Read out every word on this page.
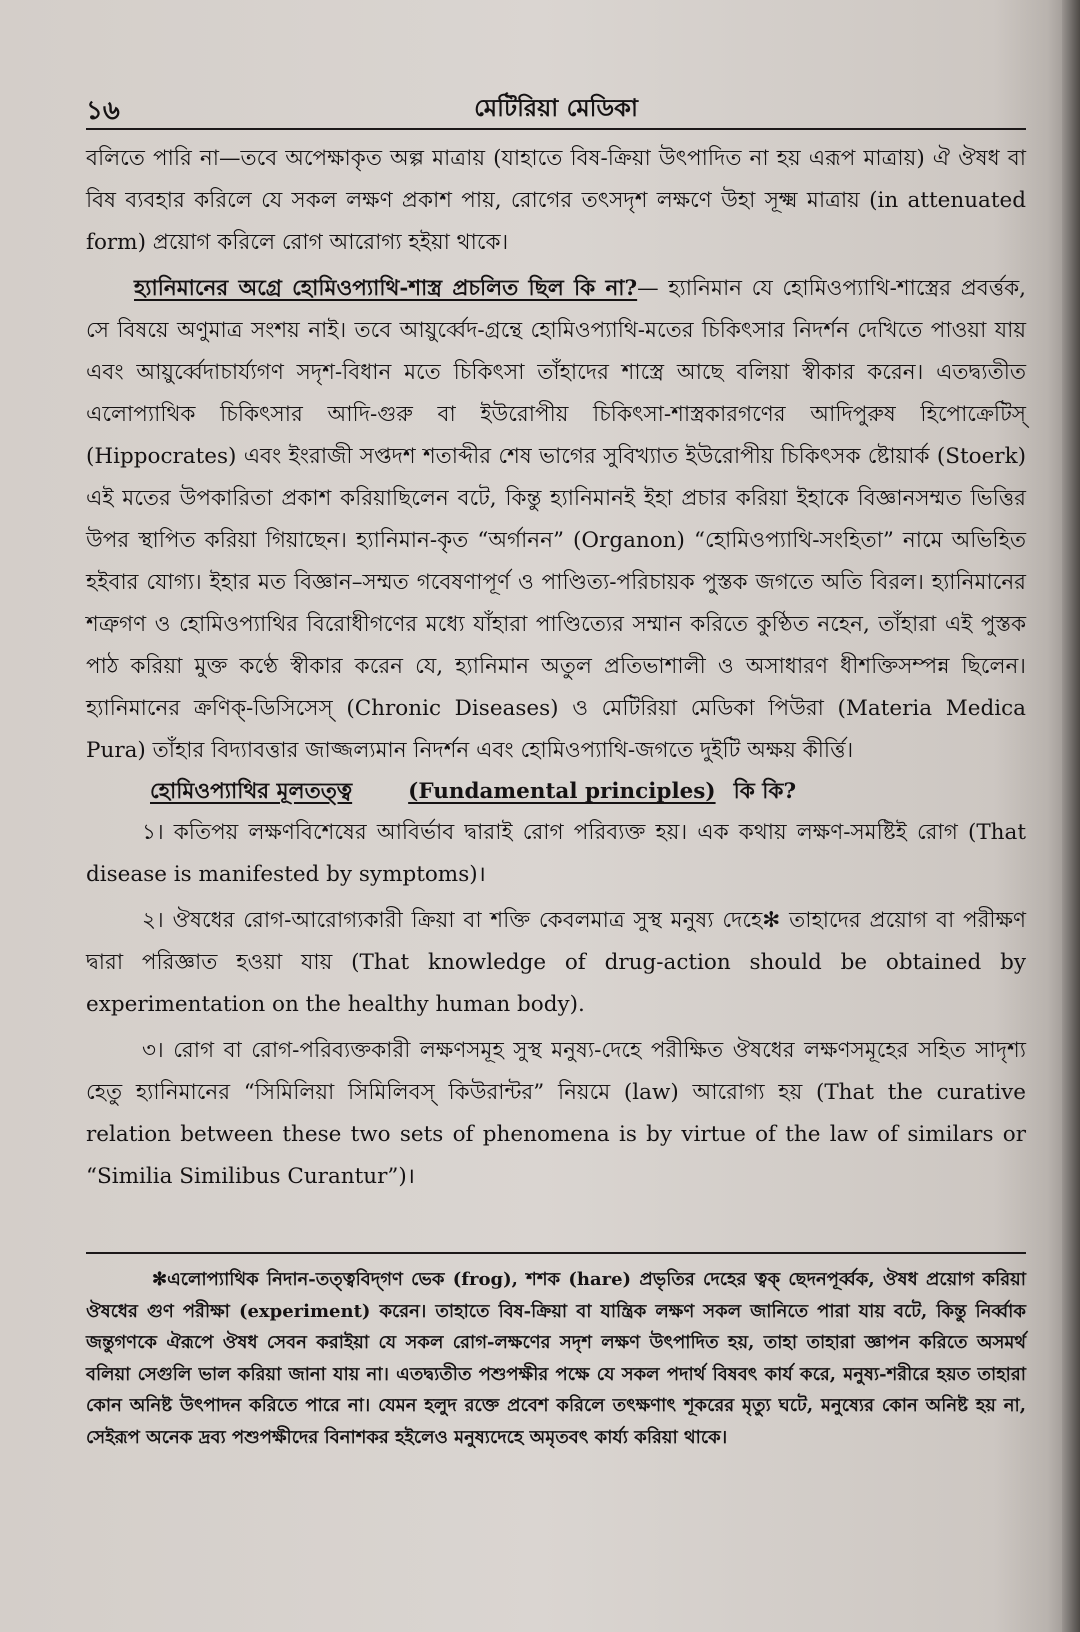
১৬	মেটিরিয়া মেডিকা

বলিতে পারি না—তবে অপেক্ষাকৃত অল্প মাত্রায় (যাহাতে বিষ-ক্রিয়া উৎপাদিত না হয় এরূপ মাত্রায়) ঐ ঔষধ বা বিষ ব্যবহার করিলে যে সকল লক্ষণ প্রকাশ পায়, রোগের তৎসদৃশ লক্ষণে উহা সূক্ষ্ম মাত্রায় (in attenuated form) প্রয়োগ করিলে রোগ আরোগ্য হইয়া থাকে।

হ্যানিমানের অগ্রে হোমিওপ্যাথি-শাস্ত্র প্রচলিত ছিল কি না?— হ্যানিমান যে হোমিওপ্যাথি-শাস্ত্রের প্রবর্ত্তক, সে বিষয়ে অণুমাত্র সংশয় নাই। তবে আয়ুর্ব্বেদ-গ্রন্থে হোমিওপ্যাথি-মতের চিকিৎসার নিদর্শন দেখিতে পাওয়া যায় এবং আয়ুর্ব্বেদাচার্য্যগণ সদৃশ-বিধান মতে চিকিৎসা তাঁহাদের শাস্ত্রে আছে বলিয়া স্বীকার করেন। এতদ্ব্যতীত এলোপ্যাথিক চিকিৎসার আদি-গুরু বা ইউরোপীয় চিকিৎসা-শাস্ত্রকারগণের আদিপুরুষ হিপোক্রেটিস্ (Hippocrates) এবং ইংরাজী সপ্তদশ শতাব্দীর শেষ ভাগের সুবিখ্যাত ইউরোপীয় চিকিৎসক ষ্টোয়ার্ক (Stoerk) এই মতের উপকারিতা প্রকাশ করিয়াছিলেন বটে, কিন্তু হ্যানিমানই ইহা প্রচার করিয়া ইহাকে বিজ্ঞানসম্মত ভিত্তির উপর স্থাপিত করিয়া গিয়াছেন। হ্যানিমান-কৃত “অর্গানন” (Organon) “হোমিওপ্যাথি-সংহিতা” নামে অভিহিত হইবার যোগ্য। ইহার মত বিজ্ঞান–সম্মত গবেষণাপূর্ণ ও পাণ্ডিত্য-পরিচায়ক পুস্তক জগতে অতি বিরল। হ্যানিমানের শত্রুগণ ও হোমিওপ্যাথির বিরোধীগণের মধ্যে যাঁহারা পাণ্ডিত্যের সম্মান করিতে কুণ্ঠিত নহেন, তাঁহারা এই পুস্তক পাঠ করিয়া মুক্ত কণ্ঠে স্বীকার করেন যে, হ্যানিমান অতুল প্রতিভাশালী ও অসাধারণ ধীশক্তিসম্পন্ন ছিলেন। হ্যানিমানের ক্রণিক্-ডিসিসেস্ (Chronic Diseases) ও মেটিরিয়া মেডিকা পিউরা (Materia Medica Pura) তাঁহার বিদ্যাবত্তার জাজ্জল্যমান নিদর্শন এবং হোমিওপ্যাথি-জগতে দুইটি অক্ষয় কীর্ত্তি।

হোমিওপ্যাথির মূলতত্ত্ব	(Fundamental principles) কি কি?

১। কতিপয় লক্ষণবিশেষের আবির্ভাব দ্বারাই রোগ পরিব্যক্ত হয়। এক কথায় লক্ষণ-সমষ্টিই রোগ (That disease is manifested by symptoms)।

২। ঔষধের রোগ-আরোগ্যকারী ক্রিয়া বা শক্তি কেবলমাত্র সুস্থ মনুষ্য দেহে✻ তাহাদের প্রয়োগ বা পরীক্ষণ দ্বারা পরিজ্ঞাত হওয়া যায় (That knowledge of drug-action should be obtained by experimentation on the healthy human body).

৩। রোগ বা রোগ-পরিব্যক্তকারী লক্ষণসমূহ সুস্থ মনুষ্য-দেহে পরীক্ষিত ঔষধের লক্ষণসমূহের সহিত সাদৃশ্য হেতু হ্যানিমানের “সিমিলিয়া সিমিলিবস্ কিউরান্টর” নিয়মে (law) আরোগ্য হয় (That the curative relation between these two sets of phenomena is by virtue of the law of similars or “Similia Similibus Curantur”)।

✻এলোপ্যাথিক নিদান-তত্ত্ববিদ্‌গণ ভেক (frog), শশক (hare) প্রভৃতির দেহের ত্বক্ ছেদনপূর্ব্বক, ঔষধ প্রয়োগ করিয়া ঔষধের গুণ পরীক্ষা (experiment) করেন। তাহাতে বিষ-ক্রিয়া বা যান্ত্রিক লক্ষণ সকল জানিতে পারা যায় বটে, কিন্তু নির্ব্বাক জন্তুগণকে ঐরূপে ঔষধ সেবন করাইয়া যে সকল রোগ-লক্ষণের সদৃশ লক্ষণ উৎপাদিত হয়, তাহা তাহারা জ্ঞাপন করিতে অসমর্থ বলিয়া সেগুলি ভাল করিয়া জানা যায় না। এতদ্ব্যতীত পশুপক্ষীর পক্ষে যে সকল পদার্থ বিষবৎ কার্য করে, মনুষ্য-শরীরে হয়ত তাহারা কোন অনিষ্ট উৎপাদন করিতে পারে না। যেমন হলুদ রক্তে প্রবেশ করিলে তৎক্ষণাৎ শূকরের মৃত্যু ঘটে, মনুষ্যের কোন অনিষ্ট হয় না, সেইরূপ অনেক দ্রব্য পশুপক্ষীদের বিনাশকর হইলেও মনুষ্যদেহে অমৃতবৎ কার্য্য করিয়া থাকে।
